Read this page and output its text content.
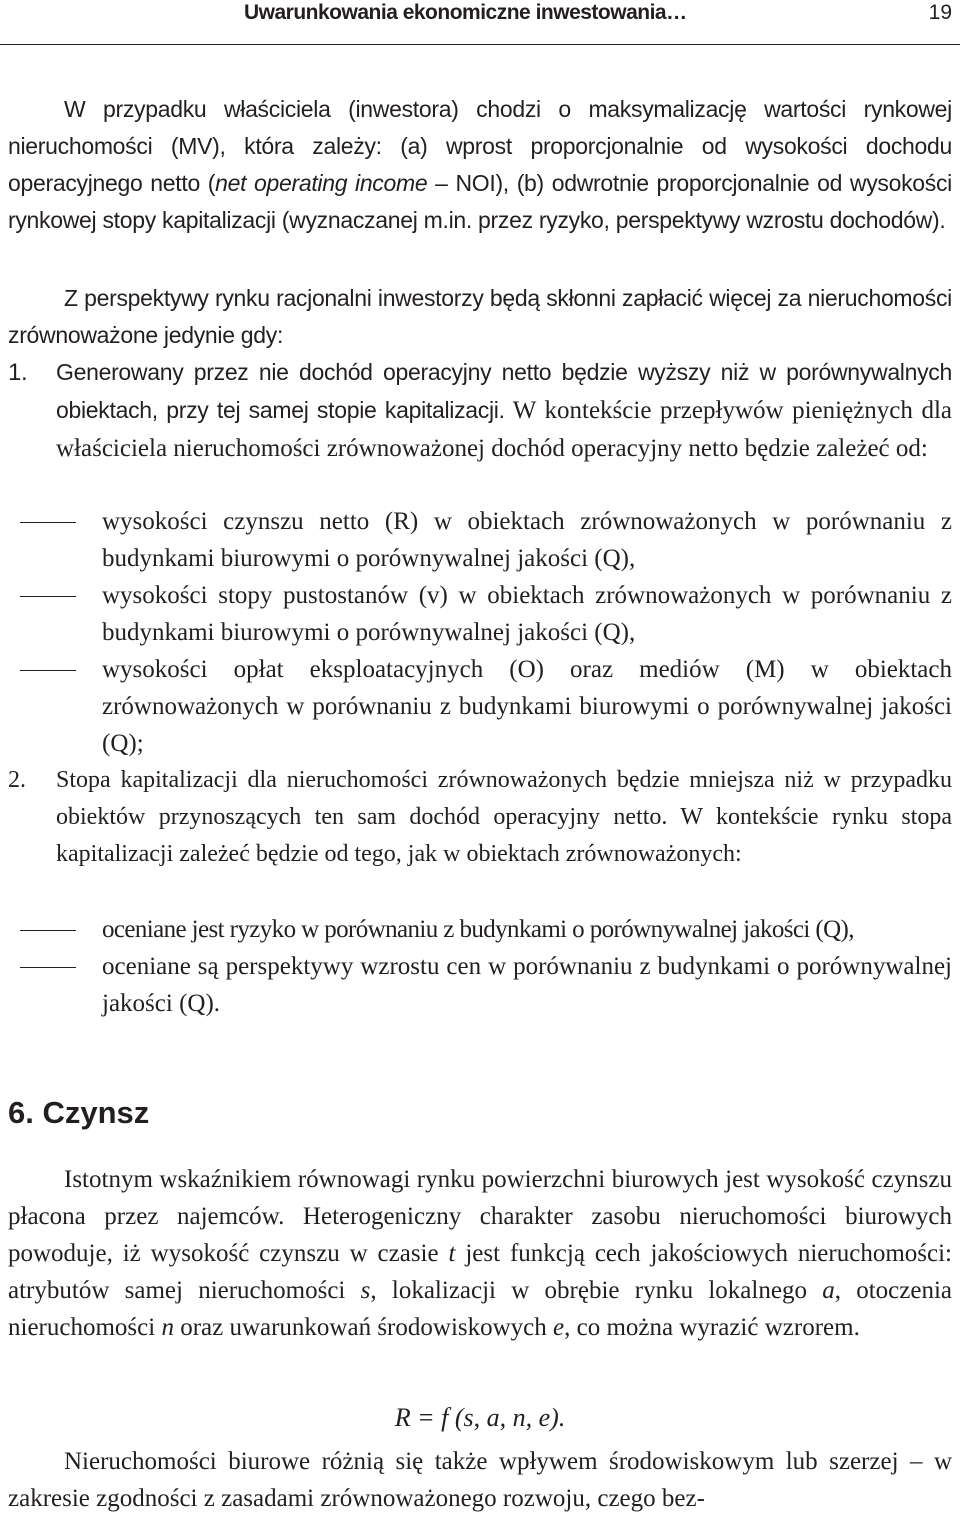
Uwarunkowania ekonomiczne inwestowania…	19
W przypadku właściciela (inwestora) chodzi o maksymalizację wartości rynkowej nieruchomości (MV), która zależy: (a) wprost proporcjonalnie od wysokości dochodu operacyjnego netto (net operating income – NOI), (b) odwrotnie proporcjonalnie od wysokości rynkowej stopy kapitalizacji (wyznaczanej m.in. przez ryzyko, perspektywy wzrostu dochodów).
Z perspektywy rynku racjonalni inwestorzy będą skłonni zapłacić więcej za nieruchomości zrównoważone jedynie gdy:
1. Generowany przez nie dochód operacyjny netto będzie wyższy niż w porównywalnych obiektach, przy tej samej stopie kapitalizacji. W kontekście przepływów pieniężnych dla właściciela nieruchomości zrównoważonej dochód operacyjny netto będzie zależeć od:
wysokości czynszu netto (R) w obiektach zrównoważonych w porównaniu z budynkami biurowymi o porównywalnej jakości (Q),
wysokości stopy pustostanów (v) w obiektach zrównoważonych w porównaniu z budynkami biurowymi o porównywalnej jakości (Q),
wysokości opłat eksploatacyjnych (O) oraz mediów (M) w obiektach zrównoważonych w porównaniu z budynkami biurowymi o porównywalnej jakości (Q);
2. Stopa kapitalizacji dla nieruchomości zrównoważonych będzie mniejsza niż w przypadku obiektów przynoszących ten sam dochód operacyjny netto. W kontekście rynku stopa kapitalizacji zależeć będzie od tego, jak w obiektach zrównoważonych:
oceniane jest ryzyko w porównaniu z budynkami o porównywalnej jakości (Q),
oceniane są perspektywy wzrostu cen w porównaniu z budynkami o porównywalnej jakości (Q).
6. Czynsz
Istotnym wskaźnikiem równowagi rynku powierzchni biurowych jest wysokość czynszu płacona przez najemców. Heterogeniczny charakter zasobu nieruchomości biurowych powoduje, iż wysokość czynszu w czasie t jest funkcją cech jakościowych nieruchomości: atrybutów samej nieruchomości s, lokalizacji w obrębie rynku lokalnego a, otoczenia nieruchomości n oraz uwarunkowań środowiskowych e, co można wyrazić wzrorem.
R = f (s, a, n, e).
Nieruchomości biurowe różnią się także wpływem środowiskowym lub szerzej – w zakresie zgodności z zasadami zrównoważonego rozwoju, czego bez-
